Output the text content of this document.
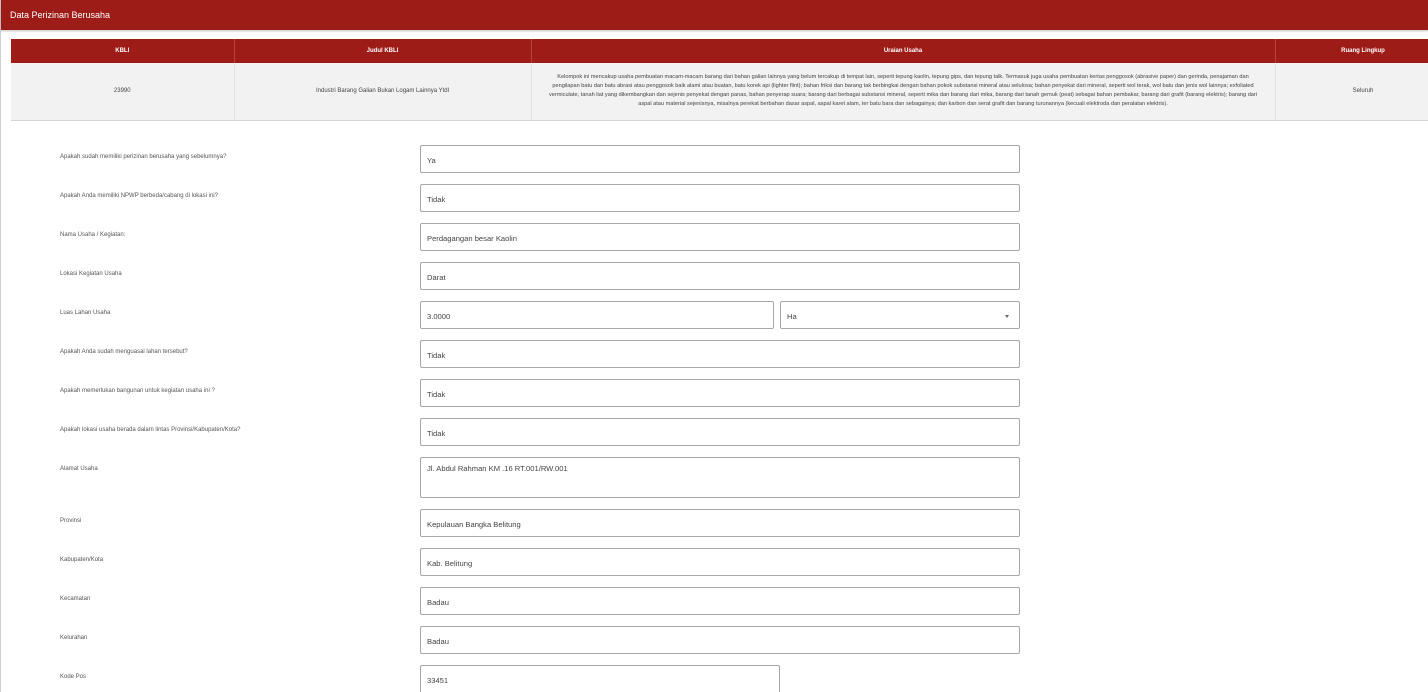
Data Perizinan Berusaha
KBLI	Judul KBLI	Uraian Usaha	Ruang Lingkup
23990	Industri Barang Galian Bukan Logam Lainnya Ytdl	Kelompok ini mencakup usaha pembuatan macam-macam barang dari bahan galian lainnya yang belum tercakup di tempat lain, seperti tepung kaolin, tepung gips, dan tepung talk. Termasuk juga usaha pembuatan kertas penggosok (abrasive paper) dan gerinda, penajaman dan pengilapan batu dan batu abrasi atau penggosok baik alami atau buatan, batu korek api (lighter flint); bahan friksi dan barang tak berbingkai dengan bahan pokok substansi mineral atau selulosa; bahan penyekat dari mineral, seperti wol terak, wol batu dan jenis wol lainnya; exfoliated vermiculate, tanah liat yang dikembangkan dan sejenis penyekat dengan panas, bahan penyerap suara; barang dari berbagai substansi mineral, seperti mika dan barang dari mika, barang dari tanah gemuk (peat) sebagai bahan pembakar, barang dari grafit (barang elektris); barang dari aspal atau material sejenisnya, misalnya perekat berbahan dasar aspal, aspal karet alam, ter batu bara dan sebagainya; dan karbon dan serat grafit dan barang turunannya (kecuali elektroda dan peralatan elektris).	Seluruh
Apakah sudah memiliki perizinan berusaha yang sebelumnya?	Ya
Apakah Anda memiliki NPWP berbeda/cabang di lokasi ini?	Tidak
Nama Usaha / Kegiatan:	Perdagangan besar Kaolin
Lokasi Kegiatan Usaha	Darat
Luas Lahan Usaha	3.0000	Ha
Apakah Anda sudah menguasai lahan tersebut?	Tidak
Apakah memerlukan bangunan untuk kegiatan usaha ini ?	Tidak
Apakah lokasi usaha berada dalam lintas Provinsi/Kabupaten/Kota?	Tidak
Alamat Usaha	Jl. Abdul Rahman KM .16 RT.001/RW.001
Provinsi	Kepulauan Bangka Belitung
Kabupaten/Kota	Kab. Belitung
Kecamatan	Badau
Kelurahan	Badau
Kode Pos	33451
